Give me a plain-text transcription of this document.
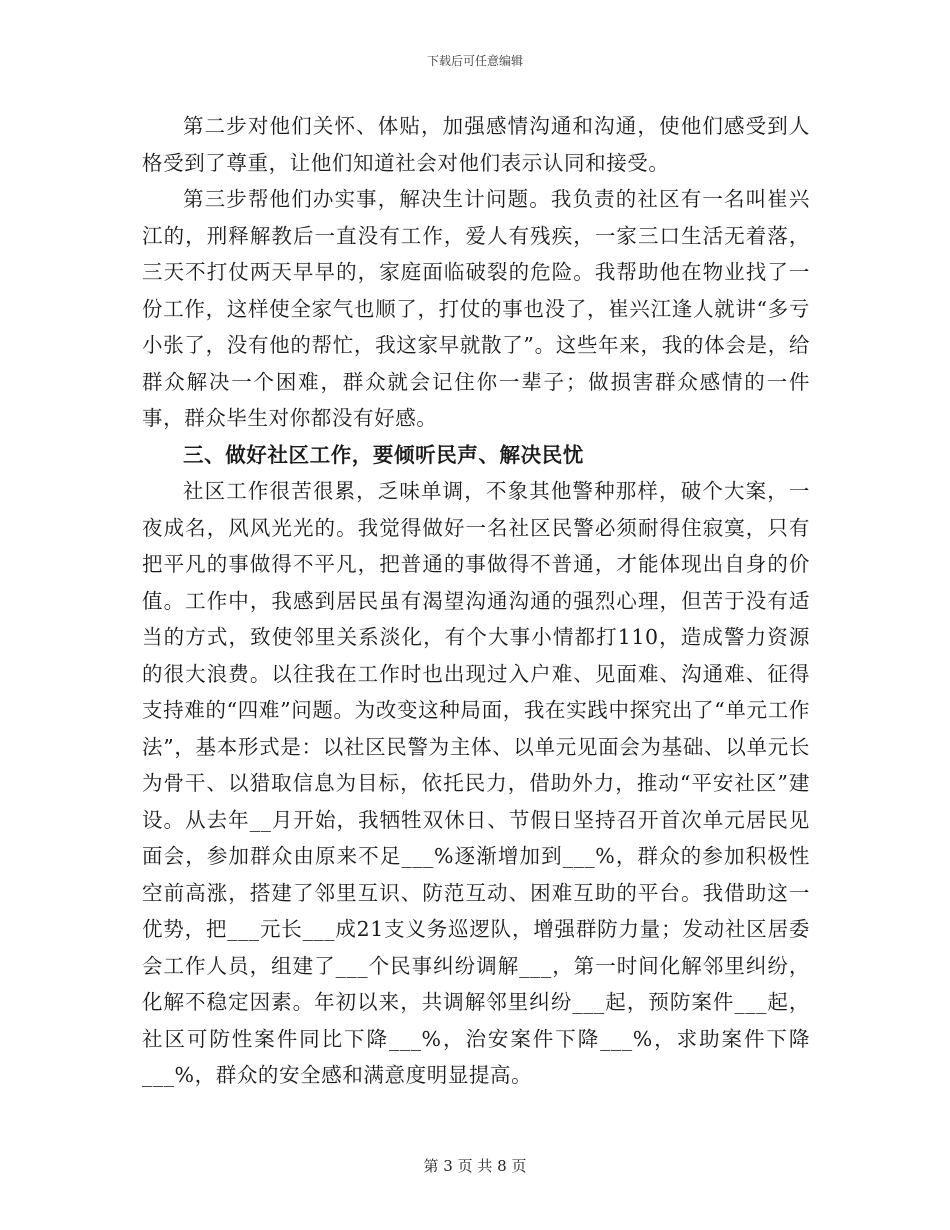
下载后可任意编辑

第二步对他们关怀、体贴，加强感情沟通和沟通，使他们感受到人格受到了尊重，让他们知道社会对他们表示认同和接受。

第三步帮他们办实事，解决生计问题。我负责的社区有一名叫崔兴江的，刑释解教后一直没有工作，爱人有残疾，一家三口生活无着落，三天不打仗两天早早的，家庭面临破裂的危险。我帮助他在物业找了一份工作，这样使全家气也顺了，打仗的事也没了，崔兴江逢人就讲“多亏小张了，没有他的帮忙，我这家早就散了”。这些年来，我的体会是，给群众解决一个困难，群众就会记住你一辈子；做损害群众感情的一件事，群众毕生对你都没有好感。

三、做好社区工作，要倾听民声、解决民忧

社区工作很苦很累，乏味单调，不象其他警种那样，破个大案，一夜成名，风风光光的。我觉得做好一名社区民警必须耐得住寂寞，只有把平凡的事做得不平凡，把普通的事做得不普通，才能体现出自身的价值。工作中，我感到居民虽有渴望沟通沟通的强烈心理，但苦于没有适当的方式，致使邻里关系淡化，有个大事小情都打110，造成警力资源的很大浪费。以往我在工作时也出现过入户难、见面难、沟通难、征得支持难的“四难”问题。为改变这种局面，我在实践中探究出了“单元工作法”，基本形式是：以社区民警为主体、以单元见面会为基础、以单元长为骨干、以猎取信息为目标，依托民力，借助外力，推动“平安社区”建设。从去年__月开始，我牺牲双休日、节假日坚持召开首次单元居民见面会，参加群众由原来不足___%逐渐增加到___%，群众的参加积极性空前高涨，搭建了邻里互识、防范互动、困难互助的平台。我借助这一优势，把___元长___成21支义务巡逻队，增强群防力量；发动社区居委会工作人员，组建了___个民事纠纷调解___，第一时间化解邻里纠纷，化解不稳定因素。年初以来，共调解邻里纠纷___起，预防案件___起，社区可防性案件同比下降___%，治安案件下降___%，求助案件下降___%，群众的安全感和满意度明显提高。

第 3 页 共 8 页
